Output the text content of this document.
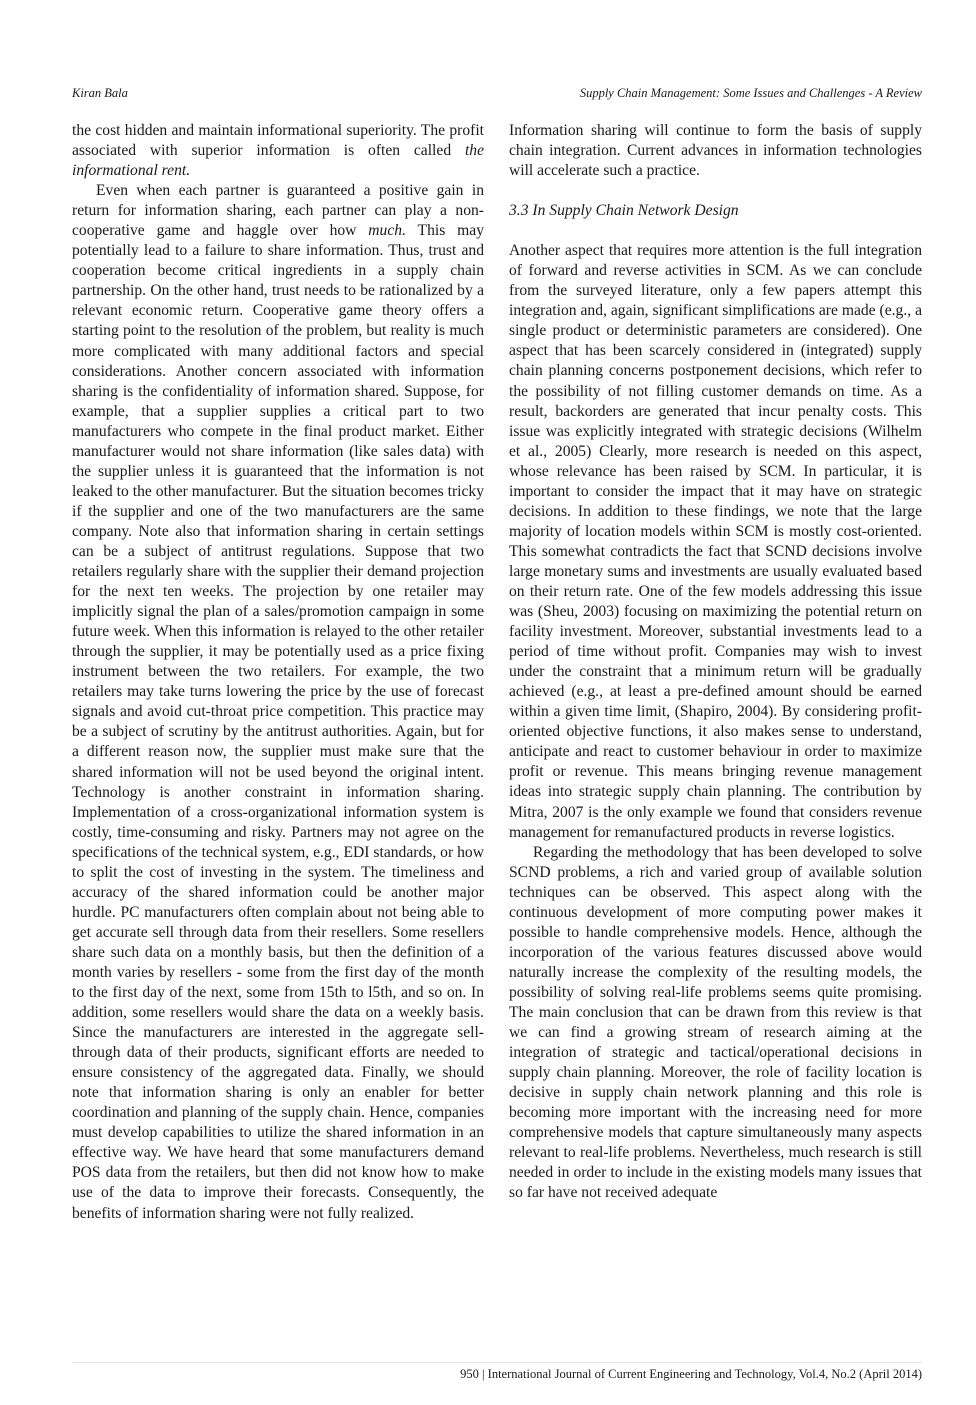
Kiran Bala	Supply Chain Management: Some Issues and Challenges - A Review

the cost hidden and maintain informational superiority. The profit associated with superior information is often called the informational rent.

Even when each partner is guaranteed a positive gain in return for information sharing, each partner can play a non-cooperative game and haggle over how much. This may potentially lead to a failure to share information. Thus, trust and cooperation become critical ingredients in a supply chain partnership. On the other hand, trust needs to be rationalized by a relevant economic return. Cooperative game theory offers a starting point to the resolution of the problem, but reality is much more complicated with many additional factors and special considerations. Another concern associated with information sharing is the confidentiality of information shared. Suppose, for example, that a supplier supplies a critical part to two manufacturers who compete in the final product market. Either manufacturer would not share information (like sales data) with the supplier unless it is guaranteed that the information is not leaked to the other manufacturer. But the situation becomes tricky if the supplier and one of the two manufacturers are the same company. Note also that information sharing in certain settings can be a subject of antitrust regulations. Suppose that two retailers regularly share with the supplier their demand projection for the next ten weeks. The projection by one retailer may implicitly signal the plan of a sales/promotion campaign in some future week. When this information is relayed to the other retailer through the supplier, it may be potentially used as a price fixing instrument between the two retailers. For example, the two retailers may take turns lowering the price by the use of forecast signals and avoid cut-throat price competition. This practice may be a subject of scrutiny by the antitrust authorities. Again, but for a different reason now, the supplier must make sure that the shared information will not be used beyond the original intent. Technology is another constraint in information sharing. Implementation of a cross-organizational information system is costly, time-consuming and risky. Partners may not agree on the specifications of the technical system, e.g., EDI standards, or how to split the cost of investing in the system. The timeliness and accuracy of the shared information could be another major hurdle. PC manufacturers often complain about not being able to get accurate sell through data from their resellers. Some resellers share such data on a monthly basis, but then the definition of a month varies by resellers - some from the first day of the month to the first day of the next, some from 15th to l5th, and so on. In addition, some resellers would share the data on a weekly basis. Since the manufacturers are interested in the aggregate sell-through data of their products, significant efforts are needed to ensure consistency of the aggregated data. Finally, we should note that information sharing is only an enabler for better coordination and planning of the supply chain. Hence, companies must develop capabilities to utilize the shared information in an effective way. We have heard that some manufacturers demand POS data from the retailers, but then did not know how to make use of the data to improve their forecasts. Consequently, the benefits of information sharing were not fully realized.

Information sharing will continue to form the basis of supply chain integration. Current advances in information technologies will accelerate such a practice.

3.3 In Supply Chain Network Design

Another aspect that requires more attention is the full integration of forward and reverse activities in SCM. As we can conclude from the surveyed literature, only a few papers attempt this integration and, again, significant simplifications are made (e.g., a single product or deterministic parameters are considered). One aspect that has been scarcely considered in (integrated) supply chain planning concerns postponement decisions, which refer to the possibility of not filling customer demands on time. As a result, backorders are generated that incur penalty costs. This issue was explicitly integrated with strategic decisions (Wilhelm et al., 2005) Clearly, more research is needed on this aspect, whose relevance has been raised by SCM. In particular, it is important to consider the impact that it may have on strategic decisions. In addition to these findings, we note that the large majority of location models within SCM is mostly cost-oriented. This somewhat contradicts the fact that SCND decisions involve large monetary sums and investments are usually evaluated based on their return rate. One of the few models addressing this issue was (Sheu, 2003) focusing on maximizing the potential return on facility investment. Moreover, substantial investments lead to a period of time without profit. Companies may wish to invest under the constraint that a minimum return will be gradually achieved (e.g., at least a pre-defined amount should be earned within a given time limit, (Shapiro, 2004). By considering profit-oriented objective functions, it also makes sense to understand, anticipate and react to customer behaviour in order to maximize profit or revenue. This means bringing revenue management ideas into strategic supply chain planning. The contribution by Mitra, 2007 is the only example we found that considers revenue management for remanufactured products in reverse logistics.

Regarding the methodology that has been developed to solve SCND problems, a rich and varied group of available solution techniques can be observed. This aspect along with the continuous development of more computing power makes it possible to handle comprehensive models. Hence, although the incorporation of the various features discussed above would naturally increase the complexity of the resulting models, the possibility of solving real-life problems seems quite promising. The main conclusion that can be drawn from this review is that we can find a growing stream of research aiming at the integration of strategic and tactical/operational decisions in supply chain planning. Moreover, the role of facility location is decisive in supply chain network planning and this role is becoming more important with the increasing need for more comprehensive models that capture simultaneously many aspects relevant to real-life problems. Nevertheless, much research is still needed in order to include in the existing models many issues that so far have not received adequate

950 | International Journal of Current Engineering and Technology, Vol.4, No.2 (April 2014)
